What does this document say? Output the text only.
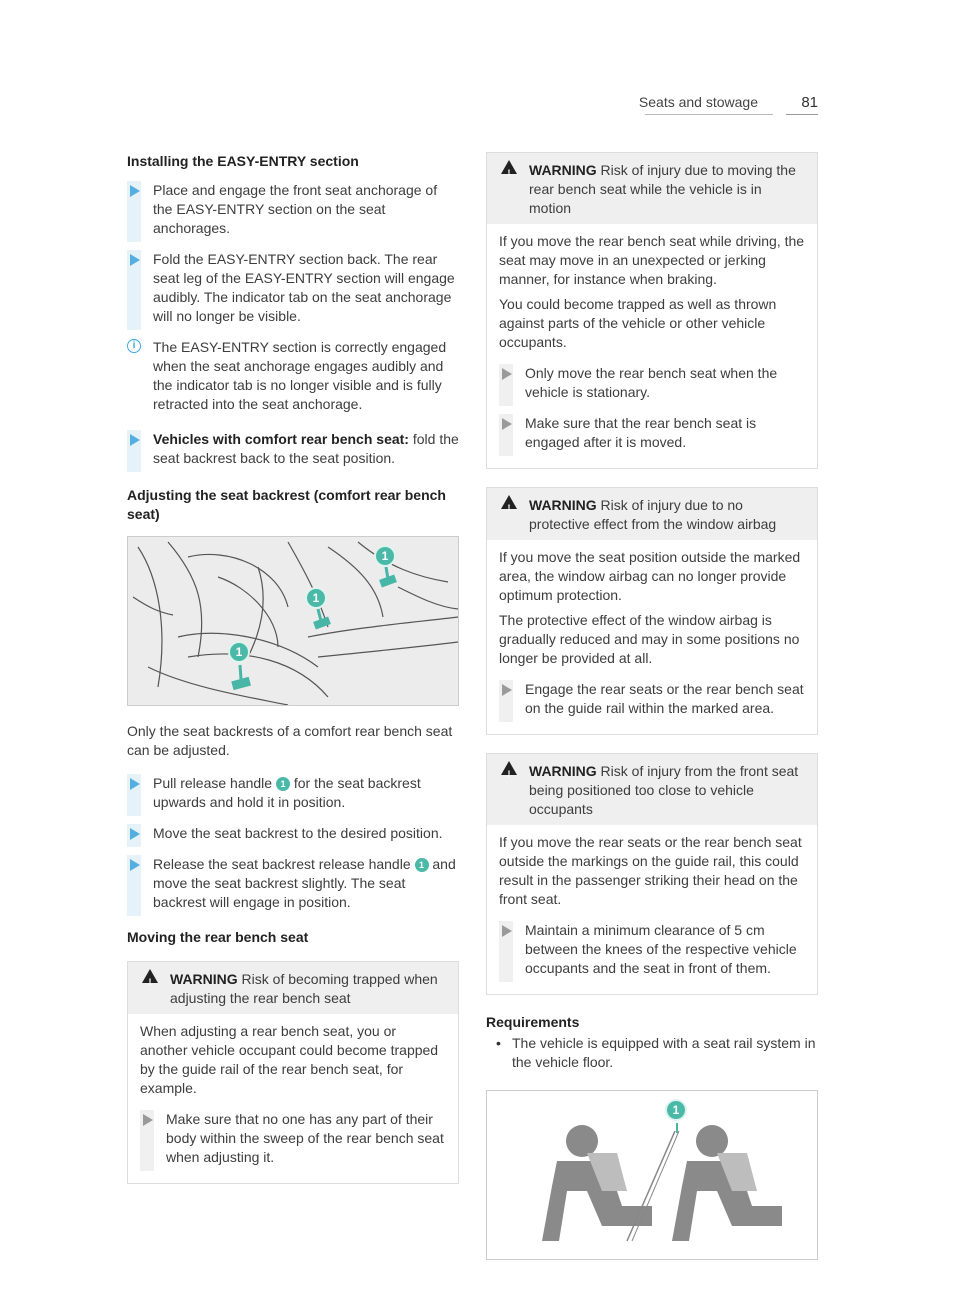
Seats and stowage	81
Installing the EASY-ENTRY section

Place and engage the front seat anchorage of the EASY-ENTRY section on the seat anchorages.

Fold the EASY-ENTRY section back. The rear seat leg of the EASY-ENTRY section will engage audibly. The indicator tab on the seat anchorage will no longer be visible.

i	The EASY-ENTRY section is correctly engaged when the seat anchorage engages audibly and the indicator tab is no longer visible and is fully retracted into the seat anchorage.

Vehicles with comfort rear bench seat: fold the seat backrest back to the seat position.

Adjusting the seat backrest (comfort rear bench seat)
1
1
1

Only the seat backrests of a comfort rear bench seat can be adjusted.

Pull release handle 1 for the seat backrest upwards and hold it in position.

Move the seat backrest to the desired position.

Release the seat backrest release handle 1 and move the seat backrest slightly. The seat backrest will engage in position.

Moving the rear bench seat
! WARNING Risk of becoming trapped when adjusting the rear bench seat

When adjusting a rear bench seat, you or another vehicle occupant could become trapped by the guide rail of the rear bench seat, for example.

Make sure that no one has any part of their body within the sweep of the rear bench seat when adjusting it.

! WARNING Risk of injury due to moving the rear bench seat while the vehicle is in motion

If you move the rear bench seat while driving, the seat may move in an unexpected or jerking manner, for instance when braking.

You could become trapped as well as thrown against parts of the vehicle or other vehicle occupants.

Only move the rear bench seat when the vehicle is stationary.

Make sure that the rear bench seat is engaged after it is moved.

! WARNING Risk of injury due to no protective effect from the window airbag

If you move the seat position outside the marked area, the window airbag can no longer provide optimum protection.

The protective effect of the window airbag is gradually reduced and may in some positions no longer be provided at all.

Engage the rear seats or the rear bench seat on the guide rail within the marked area.

! WARNING Risk of injury from the front seat being positioned too close to vehicle occupants

If you move the rear seats or the rear bench seat outside the markings on the guide rail, this could result in the passenger striking their head on the front seat.

Maintain a minimum clearance of 5 cm between the knees of the respective vehicle occupants and the seat in front of them.

Requirements
• The vehicle is equipped with a seat rail system in the vehicle floor.
1
